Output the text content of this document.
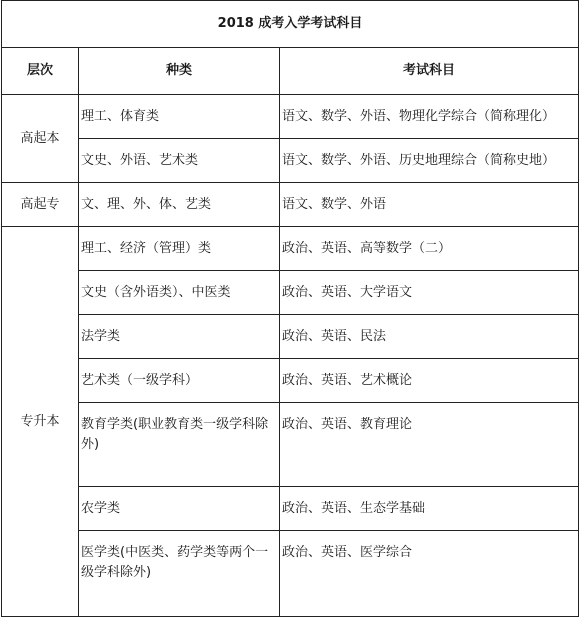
2018 成考入学考试科目		
层次	种类	考试科目
高起本	理工、体育类	语文、数学、外语、物理化学综合（简称理化）
	文史、外语、艺术类	语文、数学、外语、历史地理综合（简称史地）
高起专	文、理、外、体、艺类	语文、数学、外语
专升本	理工、经济（管理）类	政治、英语、高等数学（二）
	文史（含外语类）、中医类	政治、英语、大学语文
	法学类	政治、英语、民法
	艺术类（一级学科）	政治、英语、艺术概论
	教育学类(职业教育类一级学科除外)	政治、英语、教育理论
	农学类	政治、英语、生态学基础
	医学类(中医类、药学类等两个一级学科除外)	政治、英语、医学综合
